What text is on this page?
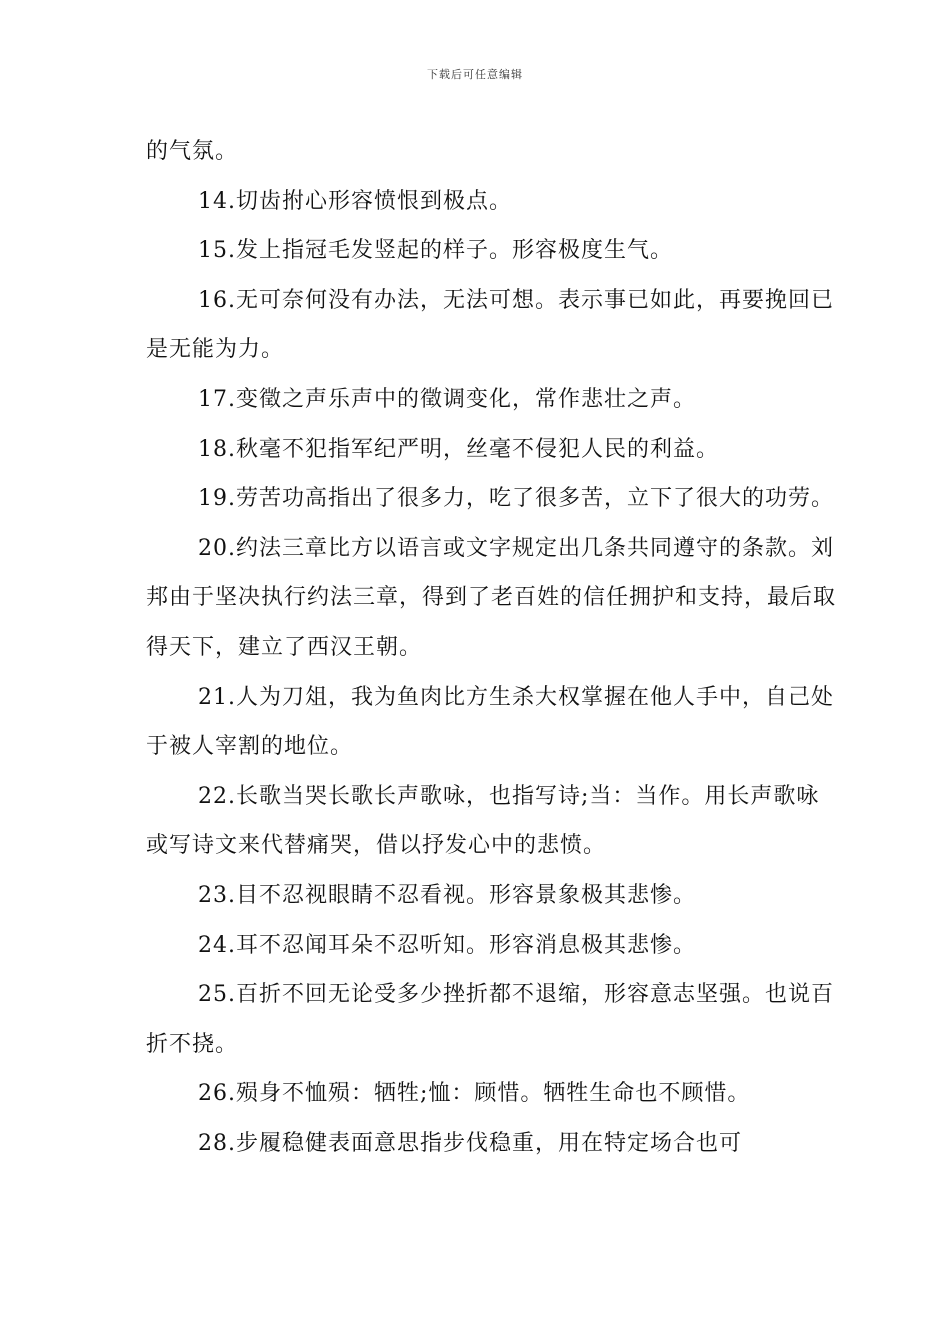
下载后可任意编辑

的气氛。

14.切齿拊心形容愤恨到极点。

15.发上指冠毛发竖起的样子。形容极度生气。

16.无可奈何没有办法，无法可想。表示事已如此，再要挽回已是无能为力。

17.变徵之声乐声中的徵调变化，常作悲壮之声。

18.秋毫不犯指军纪严明，丝毫不侵犯人民的利益。

19.劳苦功高指出了很多力，吃了很多苦，立下了很大的功劳。

20.约法三章比方以语言或文字规定出几条共同遵守的条款。刘邦由于坚决执行约法三章，得到了老百姓的信任拥护和支持，最后取得天下，建立了西汉王朝。

21.人为刀俎，我为鱼肉比方生杀大权掌握在他人手中，自己处于被人宰割的地位。

22.长歌当哭长歌长声歌咏，也指写诗;当：当作。用长声歌咏或写诗文来代替痛哭，借以抒发心中的悲愤。

23.目不忍视眼睛不忍看视。形容景象极其悲惨。

24.耳不忍闻耳朵不忍听知。形容消息极其悲惨。

25.百折不回无论受多少挫折都不退缩，形容意志坚强。也说百折不挠。

26.殒身不恤殒：牺牲;恤：顾惜。牺牲生命也不顾惜。

28.步履稳健表面意思指步伐稳重，用在特定场合也可
